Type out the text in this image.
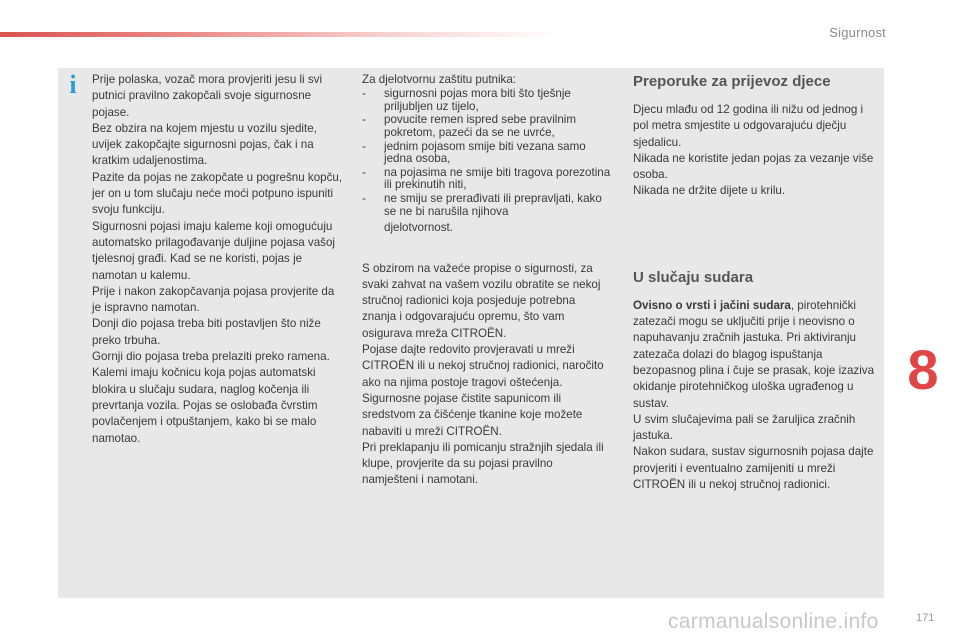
Sigurnost
i	Prije polaska, vozač mora provjeriti jesu li svi putnici pravilno zakopčali svoje sigurnosne pojase.
Bez obzira na kojem mjestu u vozilu sjedite, uvijek zakopčajte sigurnosni pojas, čak i na kratkim udaljenostima.
Pazite da pojas ne zakopčate u pogrešnu kopču, jer on u tom slučaju neće moći potpuno ispuniti svoju funkciju.
Sigurnosni pojasi imaju kaleme koji omogućuju automatsko prilagođavanje duljine pojasa vašoj tjelesnoj građi. Kad se ne koristi, pojas je namotan u kalemu.
Prije i nakon zakopčavanja pojasa provjerite da je ispravno namotan.
Donji dio pojasa treba biti postavljen što niže preko trbuha.
Gornji dio pojasa treba prelaziti preko ramena.
Kalemi imaju kočnicu koja pojas automatski blokira u slučaju sudara, naglog kočenja ili prevrtanja vozila. Pojas se oslobađa čvrstim povlačenjem i otpuštanjem, kako bi se malo namotao.

Za djelotvornu zaštitu putnika:

- sigurnosni pojas mora biti što tješnje priljubljen uz tijelo,
- povucite remen ispred sebe pravilnim pokretom, pazeći da se ne uvrće,
- jednim pojasom smije biti vezana samo jedna osoba,
- na pojasima ne smije biti tragova porezotina ili prekinutih niti,
- ne smiju se prerađivati ili prepravljati, kako se ne bi narušila njihova

djelotvornost.

S obzirom na važeće propise o sigurnosti, za svaki zahvat na vašem vozilu obratite se nekoj stručnoj radionici koja posjeduje potrebna znanja i odgovarajuću opremu, što vam osigurava mreža CITROËN.
Pojase dajte redovito provjeravati u mreži CITROËN ili u nekoj stručnoj radionici, naročito ako na njima postoje tragovi oštećenja.
Sigurnosne pojase čistite sapunicom ili sredstvom za čišćenje tkanine koje možete nabaviti u mreži CITROËN.
Pri preklapanju ili pomicanju stražnjih sjedala ili klupe, provjerite da su pojasi pravilno namješteni i namotani.

Preporuke za prijevoz djece

Djecu mlađu od 12 godina ili nižu od jednog i pol metra smjestite u odgovarajuću dječju sjedalicu.
Nikada ne koristite jedan pojas za vezanje više osoba.
Nikada ne držite dijete u krilu.

U slučaju sudara

Ovisno o vrsti i jačini sudara, pirotehnički zatezači mogu se uključiti prije i neovisno o napuhavanju zračnih jastuka. Pri aktiviranju zatezača dolazi do blagog ispuštanja bezopasnog plina i čuje se prasak, koje izaziva okidanje pirotehničkog uloška ugrađenog u sustav.
U svim slučajevima pali se žaruljica zračnih jastuka.
Nakon sudara, sustav sigurnosnih pojasa dajte provjeriti i eventualno zamijeniti u mreži CITROËN ili u nekoj stručnoj radionici.

8
carmanualsonline.info	171
